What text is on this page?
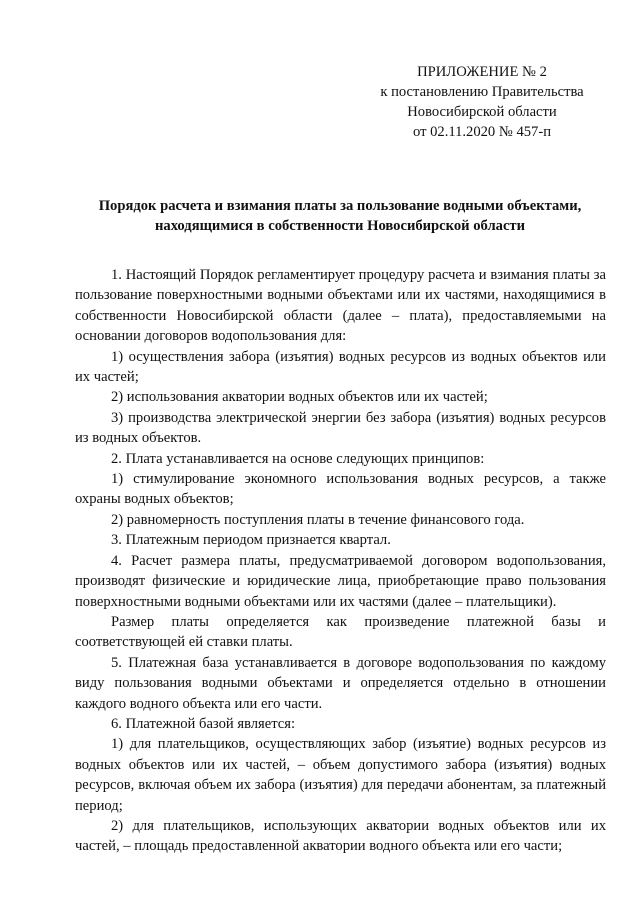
ПРИЛОЖЕНИЕ № 2
к постановлению Правительства
Новосибирской области
от 02.11.2020 № 457-п
Порядок расчета и взимания платы за пользование водными объектами,
находящимися в собственности Новосибирской области

1. Настоящий Порядок регламентирует процедуру расчета и взимания платы за пользование поверхностными водными объектами или их частями, находящимися в собственности Новосибирской области (далее – плата), предоставляемыми на основании договоров водопользования для:

1) осуществления забора (изъятия) водных ресурсов из водных объектов или их частей;

2) использования акватории водных объектов или их частей;

3) производства электрической энергии без забора (изъятия) водных ресурсов из водных объектов.

2. Плата устанавливается на основе следующих принципов:

1) стимулирование экономного использования водных ресурсов, а также охраны водных объектов;

2) равномерность поступления платы в течение финансового года.

3. Платежным периодом признается квартал.

4. Расчет размера платы, предусматриваемой договором водопользования, производят физические и юридические лица, приобретающие право пользования поверхностными водными объектами или их частями (далее – плательщики).

Размер платы определяется как произведение платежной базы и соответствующей ей ставки платы.

5. Платежная база устанавливается в договоре водопользования по каждому виду пользования водными объектами и определяется отдельно в отношении каждого водного объекта или его части.

6. Платежной базой является:

1) для плательщиков, осуществляющих забор (изъятие) водных ресурсов из водных объектов или их частей, – объем допустимого забора (изъятия) водных ресурсов, включая объем их забора (изъятия) для передачи абонентам, за платежный период;

2) для плательщиков, использующих акватории водных объектов или их частей, – площадь предоставленной акватории водного объекта или его части;
